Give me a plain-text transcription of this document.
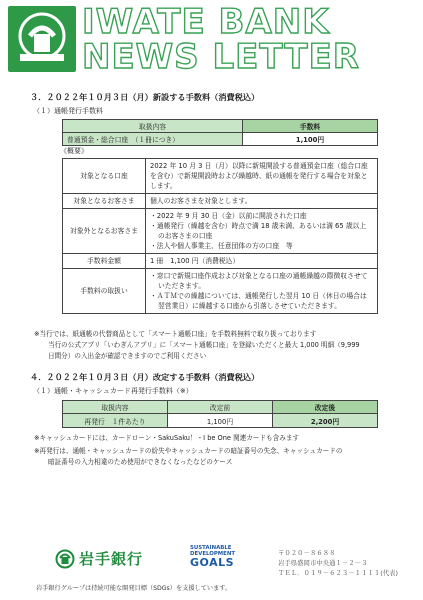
IWATE BANK
NEWS LETTER
３．２０２２年１０月３日（月）新設する手数料（消費税込）
（１）通帳発行手数料
取扱内容	手数料
普通預金・総合口座　（１冊につき）	1,100円
《概要》
対象となる口座	2022 年 10 月 3 日（月）以降に新規開設する普通預金口座（総合口座を含む）で新規開設時および繰越時、紙の通帳を発行する場合を対象とします。
対象となるお客さま	個人のお客さまを対象とします。
対象外となるお客さま	・2022 年 9 月 30 日（金）以前に開設された口座
・通帳発行（繰越を含む）時点で満 18 歳未満、あるいは満 65 歳以上のお客さまの口座
・法人や個人事業主、任意団体の方の口座　等

手数料金額	1 冊　1,100 円（消費税込）
手数料の取扱い	・窓口で新規口座作成および対象となる口座の通帳繰越の際徴収させていただきます。
・ＡＴＭでの繰越については、通帳発行した翌月 10 日（休日の場合は翌営業日）に繰越する口座から引落しさせていただきます。
※当行では、紙通帳の代替商品として「スマート通帳口座」を手数料無料で取り扱っております
当行の公式アプリ「いわぎんアプリ」に「スマート通帳口座」を登録いただくと最大 1,000 明細（9,999
日間分）の入出金が確認できますのでご利用ください
４．２０２２年１０月３日（月）改定する手数料（消費税込）
（１）通帳・キャッシュカード再発行手数料（※）
取扱内容	改定前	改定後
再発行　１件あたり	1,100円	2,200円
※キャッシュカードには、カードローン・SakuSaku！・I be One 関連カードも含みます
※再発行は、通帳・キャッシュカードの紛失やキャッシュカードの暗証番号の失念、キャッシュカードの
暗証番号の入力相違のため使用ができなくなったなどのケース
岩手銀行
SUSTAINABLE
DEVELOPMENT
GOALS
〒０２０－８６８８
岩手県盛岡市中央通１－２－３
ＴＥＬ．０１９－６２３－１１１１(代表)
岩手銀行グループは持続可能な開発目標（SDGs）を支援しています。
